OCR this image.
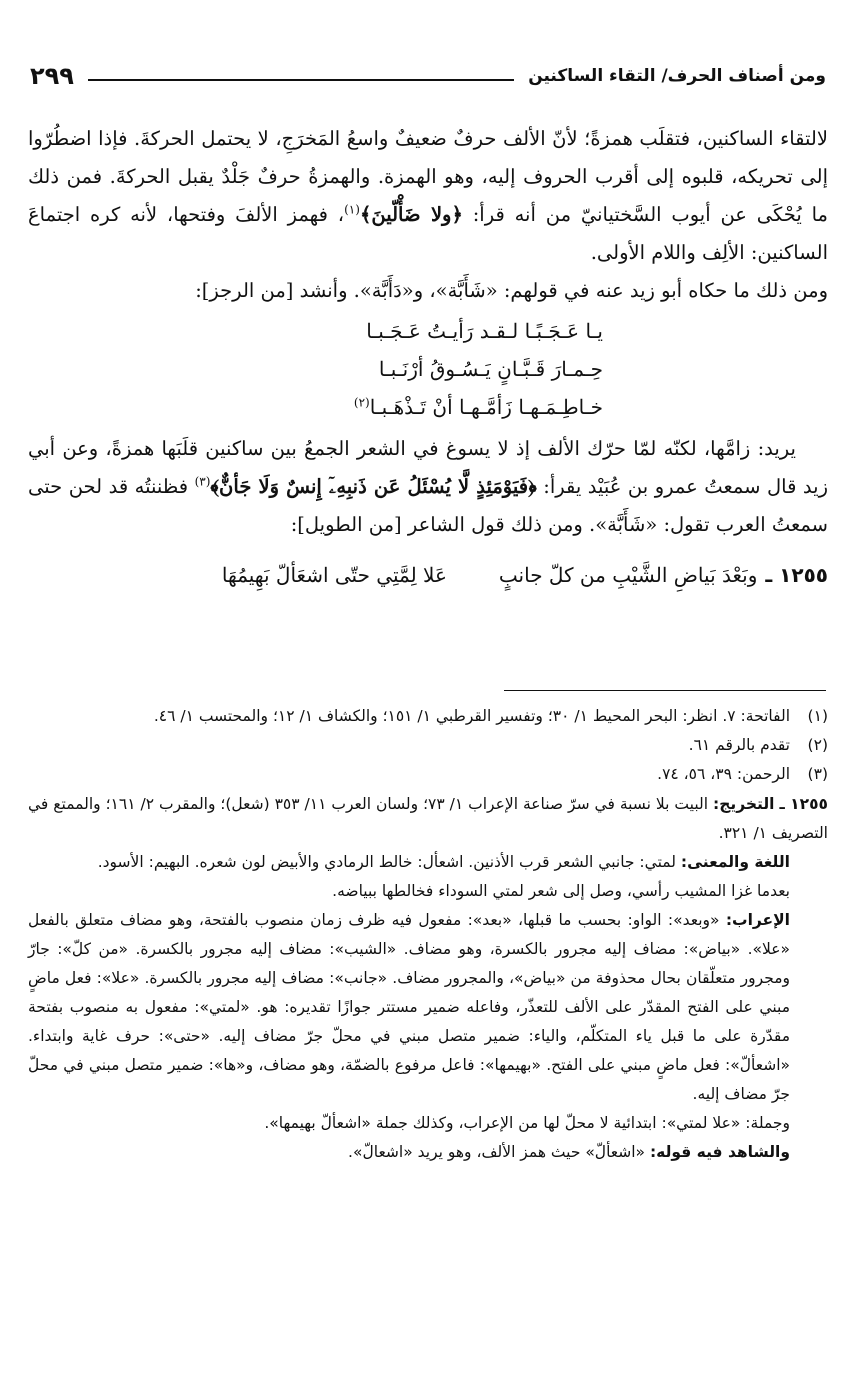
ومن أصناف الحرف/ التقاء الساكنين
٢٩٩

لالتقاء الساكنين، فتقلَب همزةً؛ لأنّ الألف حرفٌ ضعيفٌ واسعُ المَخرَجِ، لا يحتمل الحركةَ. فإذا اضطُرّوا إلى تحريكه، قلبوه إلى أقرب الحروف إليه، وهو الهمزة. والهمزةُ حرفٌ جَلْدٌ يقبل الحركةَ. فمن ذلك ما يُحْكَى عن أيوب السَّختيانيّ من أنه قرأ: ﴿ولا ضَأْلّينَ﴾$^{(١)}$، فهمز الألفَ وفتحها، لأنه كره اجتماعَ الساكنين: الألِف واللام الأولى.

ومن ذلك ما حكاه أبو زيد عنه في قولهم: «شَأَبَّة»، و«دَأَبَّة». وأنشد [من الرجز]:

يـا عَـجَـبًـا لـقـد رَأيـتُ عَـجَـبـا
حِـمـارَ قَـبَّـانٍ يَـسُـوقُ أرْنَـبـا
خـاطِـمَـهـا زَأمَّـهـا أنْ تَـذْهَـبـا$^{(٢)}$

يريد: زامَّها، لكنّه لمّا حرّك الألف إذ لا يسوغ في الشعر الجمعُ بين ساكنين قلَبَها همزةً، وعن أبي زيد قال سمعتُ عمرو بن عُبَيْد يقرأ: ﴿فَيَوْمَئِذٍ لَّا يُسْئَلُ عَن ذَنبِهِۦٓ إِنسٌ وَلَا جَأنٌّ﴾$^{(٣)}$ فظننتُه قد لحن حتى سمعتُ العرب تقول: «شَأَبَّة». ومن ذلك قول الشاعر [من الطويل]:

١٢٥٥ ـ
وبَعْدَ بَياضِ الشَّيْبِ من كلّ جانبٍ
عَلا لِمَّتِي حتّى اشعَألّ بَهِيمُهَا
(١)
الفاتحة: ٧. انظر: البحر المحيط ١/ ٣٠؛ وتفسير القرطبي ١/ ١٥١؛ والكشاف ١/ ١٢؛ والمحتسب ١/ ٤٦.
(٢)
تقدم بالرقم ٦١.
(٣)
الرحمن: ٣٩، ٥٦، ٧٤.
١٢٥٥ ـ التخريج: البيت بلا نسبة في سرّ صناعة الإعراب ١/ ٧٣؛ ولسان العرب ١١/ ٣٥٣ (شعل)؛ والمقرب ٢/ ١٦١؛ والممتع في التصريف ١/ ٣٢١.
اللغة والمعنى: لمتي: جانبي الشعر قرب الأذنين. اشعأل: خالط الرمادي والأبيض لون شعره. البهيم: الأسود.
بعدما غزا المشيب رأسي، وصل إلى شعر لمتي السوداء فخالطها ببياضه.
الإعراب: «وبعد»: الواو: بحسب ما قبلها، «بعد»: مفعول فيه ظرف زمان منصوب بالفتحة، وهو مضاف متعلق بالفعل «علا». «بياض»: مضاف إليه مجرور بالكسرة، وهو مضاف. «الشيب»: مضاف إليه مجرور بالكسرة. «من كلّ»: جارّ ومجرور متعلّقان بحال محذوفة من «بياض»، والمجرور مضاف. «جانب»: مضاف إليه مجرور بالكسرة. «علا»: فعل ماضٍ مبني على الفتح المقدّر على الألف للتعذّر، وفاعله ضمير مستتر جوازًا تقديره: هو. «لمتي»: مفعول به منصوب بفتحة مقدّرة على ما قبل ياء المتكلّم، والياء: ضمير متصل مبني في محلّ جرّ مضاف إليه. «حتى»: حرف غاية وابتداء. «اشعألّ»: فعل ماضٍ مبني على الفتح. «بهيمها»: فاعل مرفوع بالضمّة، وهو مضاف، و«ها»: ضمير متصل مبني في محلّ جرّ مضاف إليه.
وجملة: «علا لمتي»: ابتدائية لا محلّ لها من الإعراب، وكذلك جملة «اشعألّ بهيمها».
والشاهد فيه قوله: «اشعألّ» حيث همز الألف، وهو يريد «اشعالّ».
